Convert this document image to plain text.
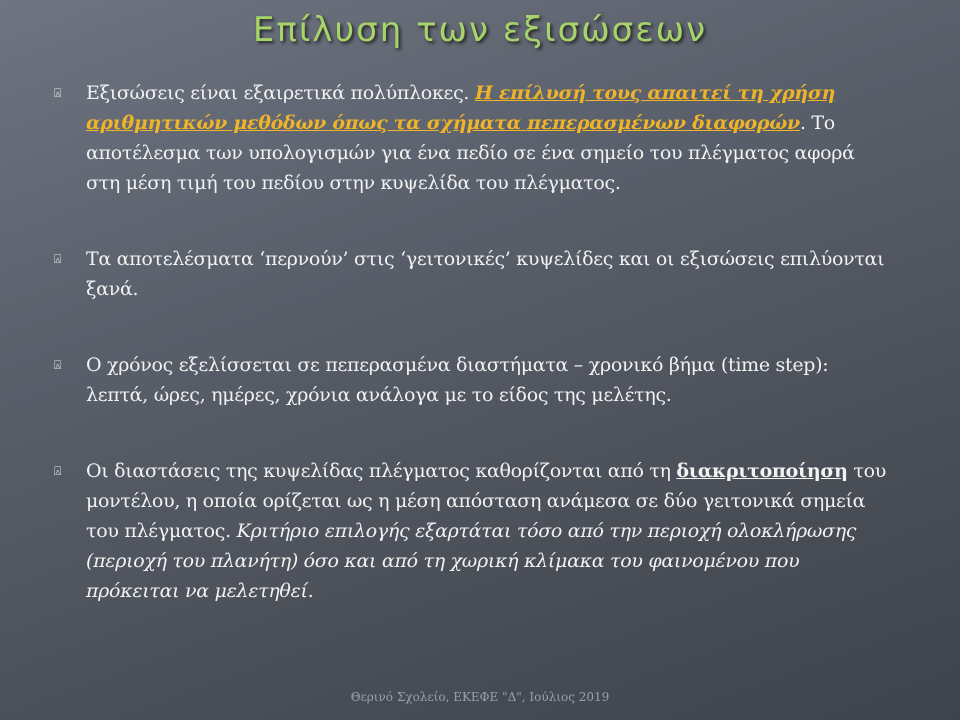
Επίλυση των εξισώσεων
⍓ Εξισώσεις είναι εξαιρετικά πολύπλοκες. Η επίλυσή τους απαιτεί τη χρήση αριθμητικών μεθόδων όπως τα σχήματα πεπερασμένων διαφορών. Το αποτέλεσμα των υπολογισμών για ένα πεδίο σε ένα σημείο του πλέγματος αφορά στη μέση τιμή του πεδίου στην κυψελίδα του πλέγματος.
⍓ Τα αποτελέσματα ‘περνούν’ στις ‘γειτονικές’ κυψελίδες και οι εξισώσεις επιλύονται ξανά.
⍓ Ο χρόνος εξελίσσεται σε πεπερασμένα διαστήματα – χρονικό βήμα (time step): λεπτά, ώρες, ημέρες, χρόνια ανάλογα με το είδος της μελέτης.
⍓ Οι διαστάσεις της κυψελίδας πλέγματος καθορίζονται από τη διακριτοποίηση του μοντέλου, η οποία ορίζεται ως η μέση απόσταση ανάμεσα σε δύο γειτονικά σημεία του πλέγματος. Κριτήριο επιλογής εξαρτάται τόσο από την περιοχή ολοκλήρωσης (περιοχή του πλανήτη) όσο και από τη χωρική κλίμακα του φαινομένου που πρόκειται να μελετηθεί.
Θερινό Σχολείο, ΕΚΕΦΕ "Δ", Ιούλιος 2019
